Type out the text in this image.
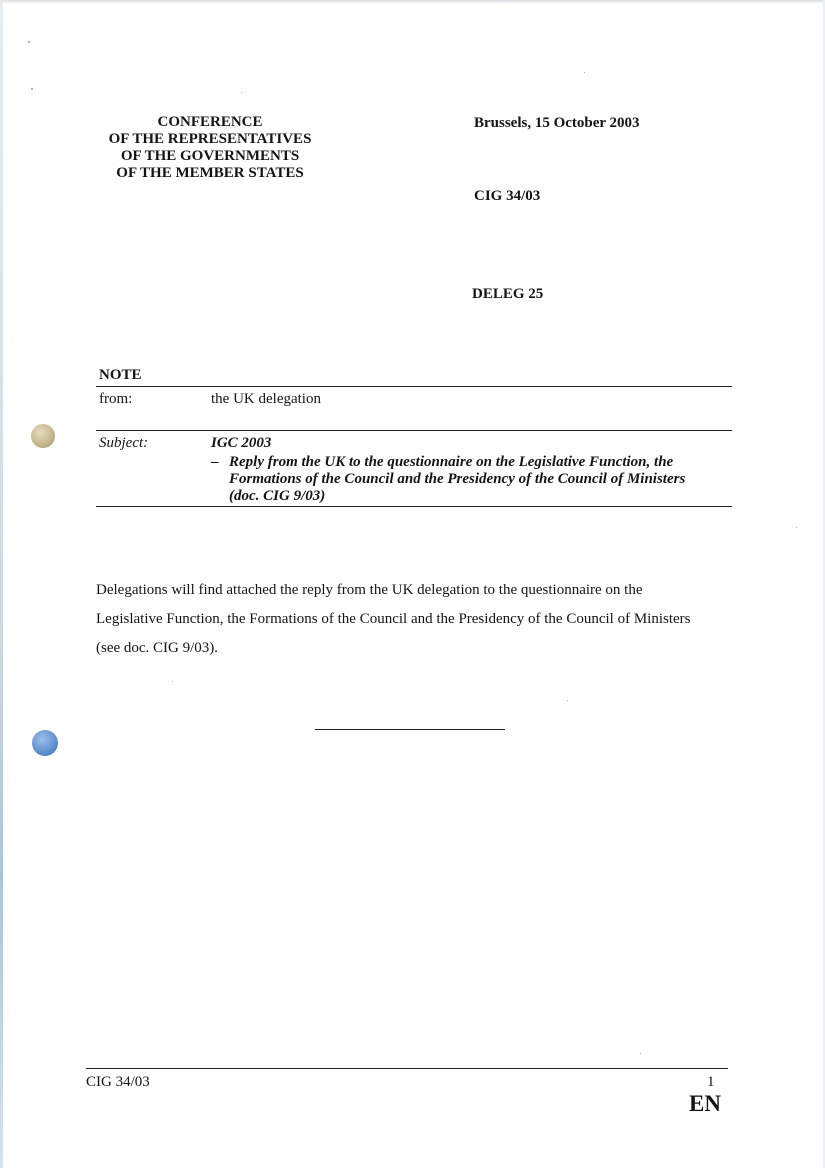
CONFERENCE
OF THE REPRESENTATIVES
OF THE GOVERNMENTS
OF THE MEMBER STATES
Brussels, 15 October 2003
CIG 34/03
DELEG 25
NOTE
from:	the UK delegation
Subject:	IGC 2003
– Reply from the UK to the questionnaire on the Legislative Function, the
Formations of the Council and the Presidency of the Council of Ministers
(doc. CIG 9/03)
Delegations will find attached the reply from the UK delegation to the questionnaire on the
Legislative Function, the Formations of the Council and the Presidency of the Council of Ministers
(see doc. CIG 9/03).
CIG 34/03	1
EN
